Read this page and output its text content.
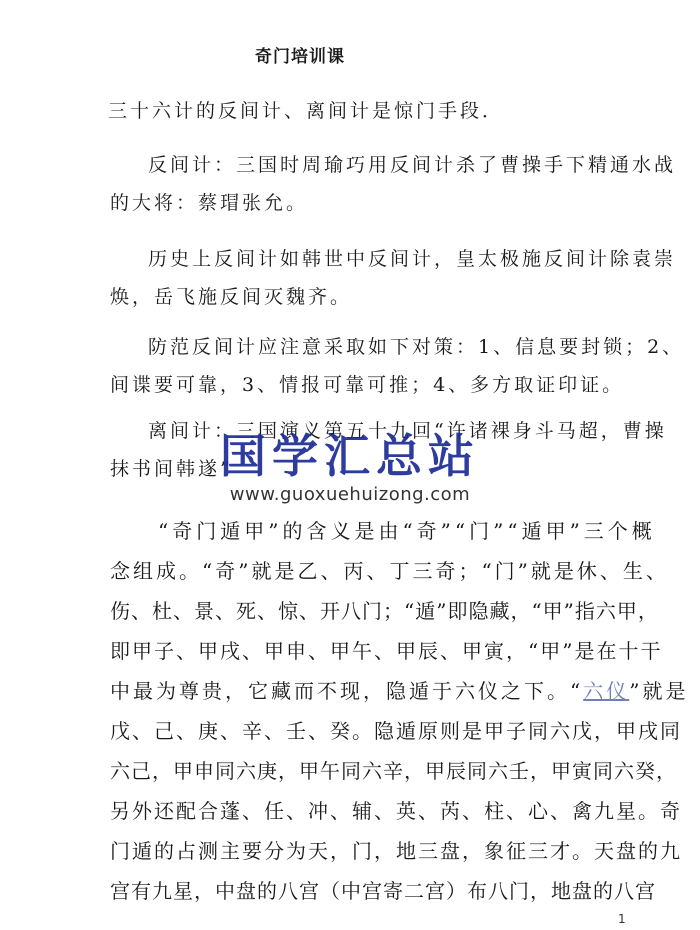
奇门培训课
三十六计的反间计、离间计是惊门手段．
反间计：三国时周瑜巧用反间计杀了曹操手下精通水战
的大将：蔡瑁张允。
历史上反间计如韩世中反间计，皇太极施反间计除袁崇
焕，岳飞施反间灭魏齐。
防范反间计应注意采取如下对策：1、信息要封锁；2、
间谍要可靠，3、情报可靠可推；4、多方取证印证。
离间计：三国演义第五十九回“许诸裸身斗马超，曹操
抹书间韩遂”
国学汇总站
www.guoxuehuizong.com
“奇门遁甲”的含义是由“奇”“门”“遁甲”三个概
念组成。“奇”就是乙、丙、丁三奇；“门”就是休、生、
伤、杜、景、死、惊、开八门；“遁”即隐藏，“甲”指六甲，
即甲子、甲戌、甲申、甲午、甲辰、甲寅，“甲”是在十干
中最为尊贵，它藏而不现，隐遁于六仪之下。“六仪”就是
戊、己、庚、辛、壬、癸。隐遁原则是甲子同六戊，甲戌同
六己，甲申同六庚，甲午同六辛，甲辰同六壬，甲寅同六癸，
另外还配合蓬、任、冲、辅、英、芮、柱、心、禽九星。奇
门遁的占测主要分为天，门，地三盘，象征三才。天盘的九
宫有九星，中盘的八宫（中宫寄二宫）布八门，地盘的八宫
1
